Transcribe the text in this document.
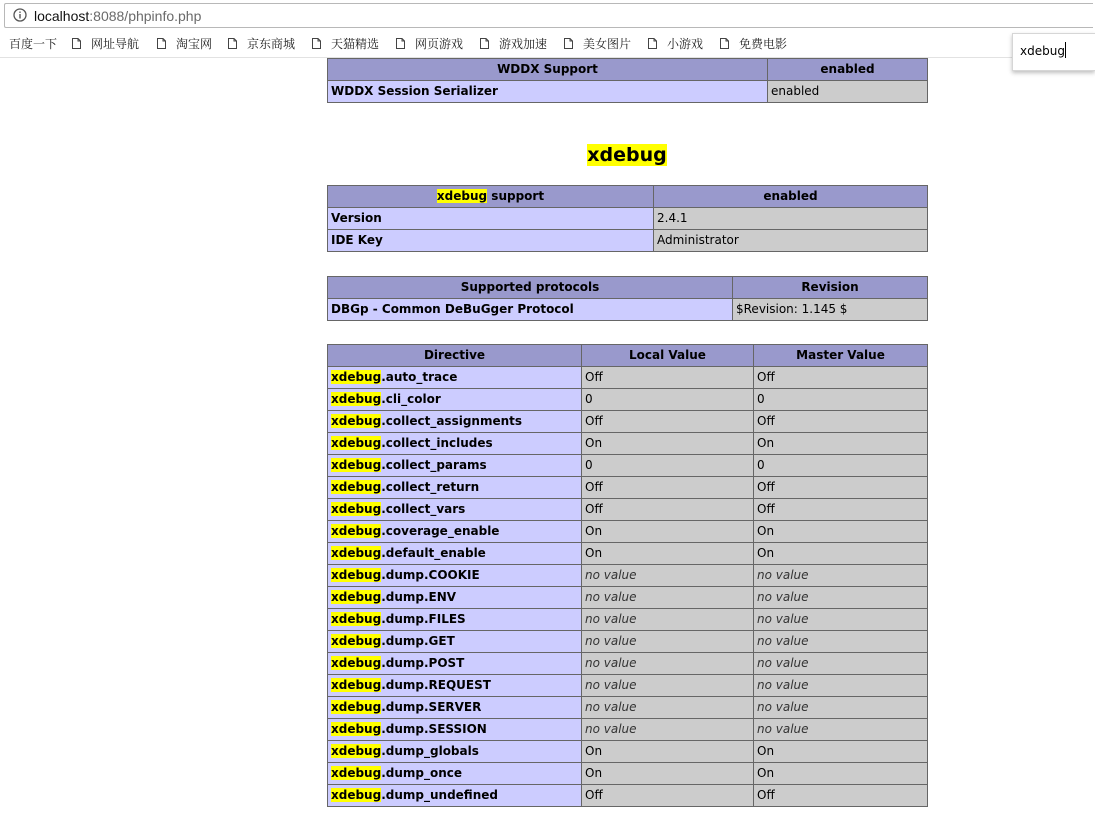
localhost:8088/phpinfo.php
百度一下	网址导航	淘宝网	京东商城	天猫精选	网页游戏	游戏加速	美女图片	小游戏	免费电影
xdebug
WDDX Support	enabled
WDDX Session Serializer	enabled
xdebug
xdebug support	enabled
Version	2.4.1
IDE Key	Administrator
Supported protocols	Revision
DBGp - Common DeBuGger Protocol	$Revision: 1.145 $
Directive	Local Value	Master Value
xdebug.auto_trace	Off	Off
xdebug.cli_color	0	0
xdebug.collect_assignments	Off	Off
xdebug.collect_includes	On	On
xdebug.collect_params	0	0
xdebug.collect_return	Off	Off
xdebug.collect_vars	Off	Off
xdebug.coverage_enable	On	On
xdebug.default_enable	On	On
xdebug.dump.COOKIE	no value	no value
xdebug.dump.ENV	no value	no value
xdebug.dump.FILES	no value	no value
xdebug.dump.GET	no value	no value
xdebug.dump.POST	no value	no value
xdebug.dump.REQUEST	no value	no value
xdebug.dump.SERVER	no value	no value
xdebug.dump.SESSION	no value	no value
xdebug.dump_globals	On	On
xdebug.dump_once	On	On
xdebug.dump_undefined	Off	Off
